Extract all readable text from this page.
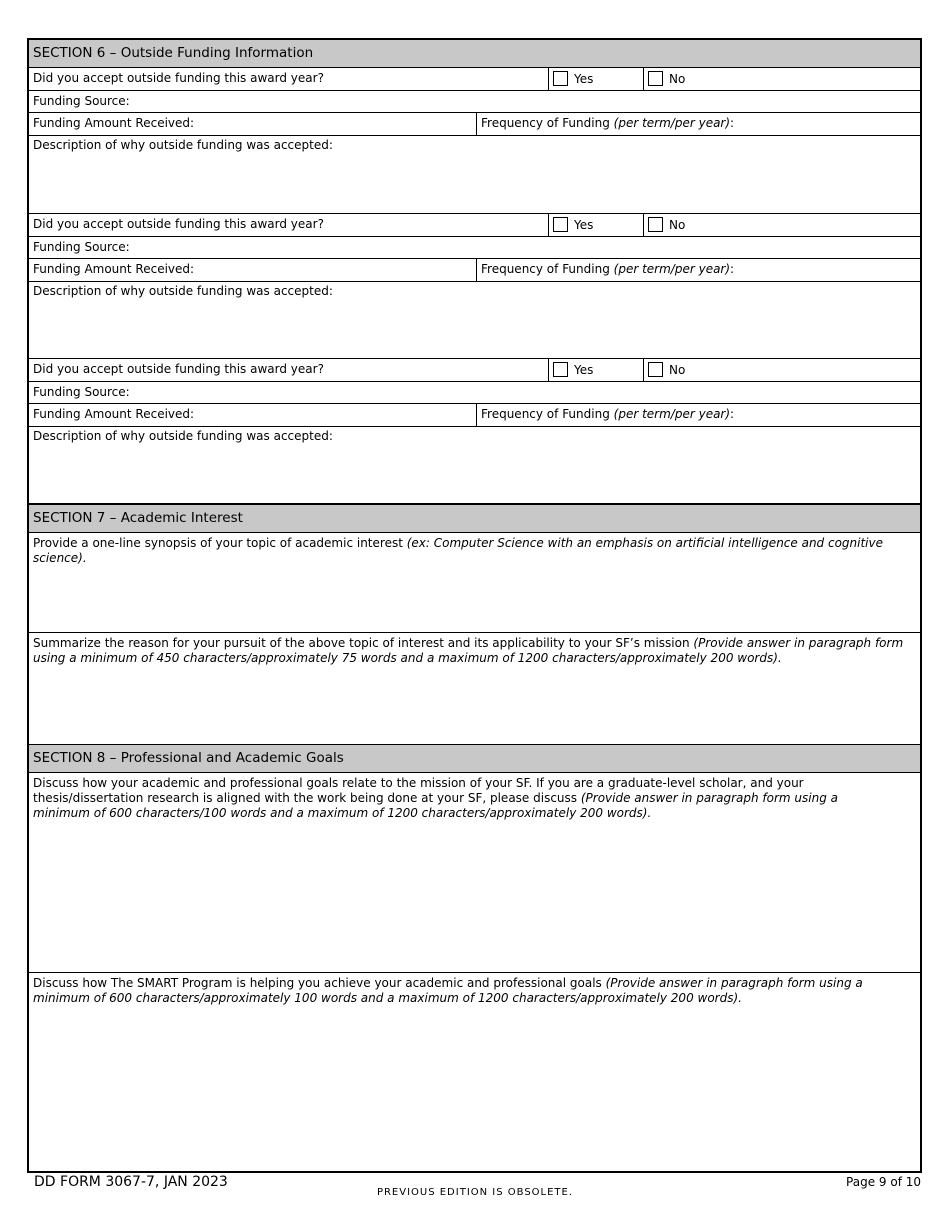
SECTION 6 – Outside Funding Information
Did you accept outside funding this award year?	Yes	No
Funding Source:
Funding Amount Received:	Frequency of Funding (per term/per year):
Description of why outside funding was accepted:
Did you accept outside funding this award year?	Yes	No
Funding Source:
Funding Amount Received:	Frequency of Funding (per term/per year):
Description of why outside funding was accepted:
Did you accept outside funding this award year?	Yes	No
Funding Source:
Funding Amount Received:	Frequency of Funding (per term/per year):
Description of why outside funding was accepted:
SECTION 7 – Academic Interest
Provide a one-line synopsis of your topic of academic interest (ex: Computer Science with an emphasis on artificial intelligence and cognitive science).
Summarize the reason for your pursuit of the above topic of interest and its applicability to your SF’s mission (Provide answer in paragraph form using a minimum of 450 characters/approximately 75 words and a maximum of 1200 characters/approximately 200 words).
SECTION 8 – Professional and Academic Goals
Discuss how your academic and professional goals relate to the mission of your SF. If you are a graduate-level scholar, and your thesis/dissertation research is aligned with the work being done at your SF, please discuss (Provide answer in paragraph form using a minimum of 600 characters/100 words and a maximum of 1200 characters/approximately 200 words).
Discuss how The SMART Program is helping you achieve your academic and professional goals (Provide answer in paragraph form using a minimum of 600 characters/approximately 100 words and a maximum of 1200 characters/approximately 200 words).
DD FORM 3067-7, JAN 2023
PREVIOUS EDITION IS OBSOLETE.
Page 9 of 10
